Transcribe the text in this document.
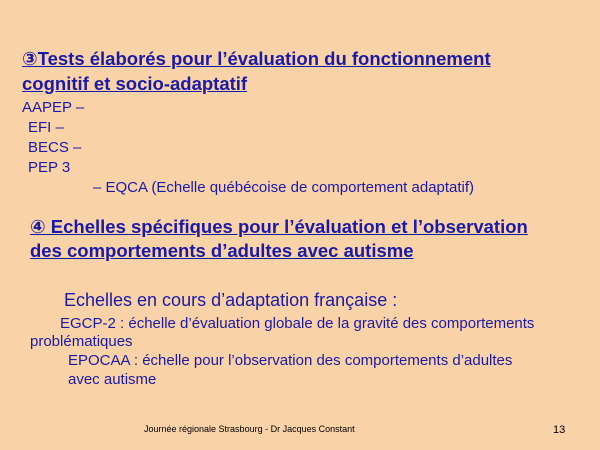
③Tests élaborés pour l’évaluation du fonctionnement
cognitif et socio-adaptatif
AAPEP –
EFI –
BECS –
PEP 3
– EQCA (Echelle québécoise de comportement adaptatif)
④ Echelles spécifiques pour l’évaluation et l’observation
des comportements d’adultes avec autisme
Echelles en cours d’adaptation française :
EGCP-2 : échelle d’évaluation globale de la gravité des comportements
problématiques
EPOCAA : échelle pour l’observation des comportements d’adultes
avec autisme
Journée régionale Strasbourg - Dr Jacques Constant	13
